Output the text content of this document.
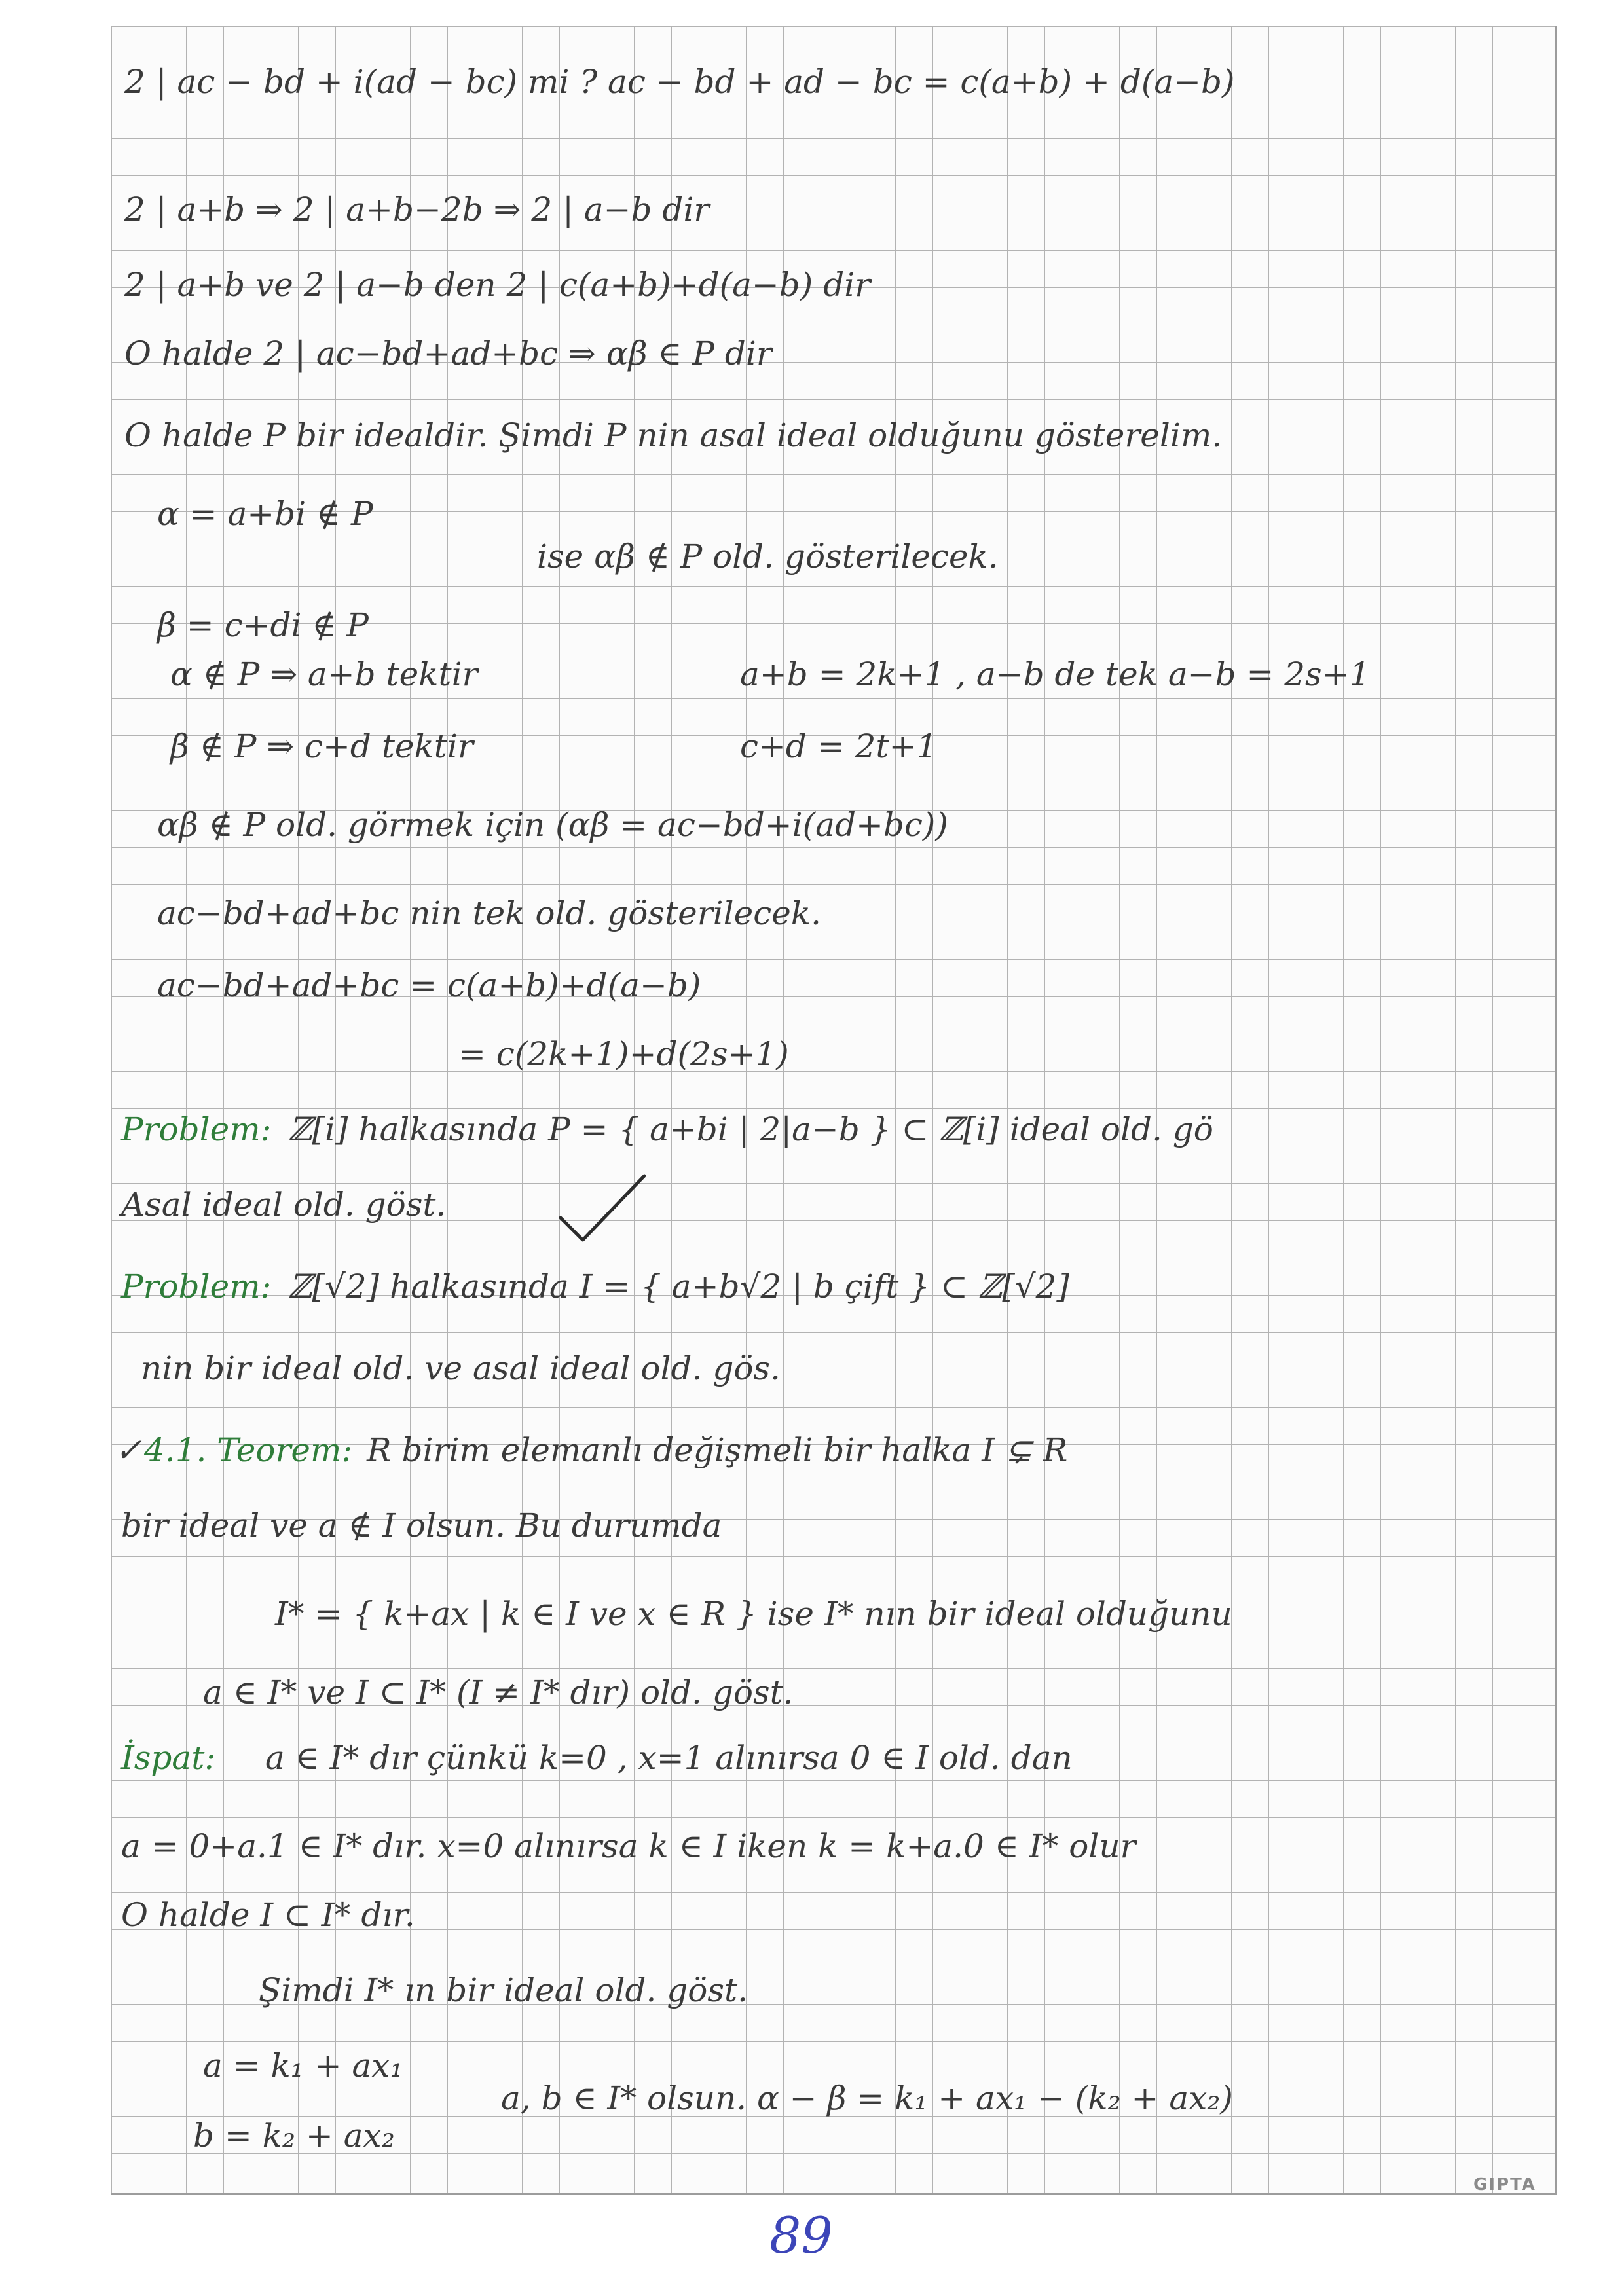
2 | ac − bd + i(ad − bc) mi ? ac − bd + ad − bc = c(a+b) + d(a−b)
2 | a+b ⇒ 2 | a+b−2b ⇒ 2 | a−b dir
2 | a+b ve 2 | a−b den 2 | c(a+b)+d(a−b) dir
O halde 2 | ac−bd+ad+bc ⇒ αβ ∈ P dir
O halde P bir idealdir. Şimdi P nin asal ideal olduğunu gösterelim.
α = a+bi ∉ P
ise αβ ∉ P old. gösterilecek.
β = c+di ∉ P
α ∉ P ⇒ a+b tektir	a+b = 2k+1 , a−b de tek a−b = 2s+1
β ∉ P ⇒ c+d tektir	c+d = 2t+1
αβ ∉ P old. görmek için (αβ = ac−bd+i(ad+bc))
ac−bd+ad+bc nin tek old. gösterilecek.
ac−bd+ad+bc = c(a+b)+d(a−b)
= c(2k+1)+d(2s+1)
Problem: ℤ[i] halkasında P = { a+bi | 2|a−b } ⊂ ℤ[i] ideal old. gö
Asal ideal old. göst.
Problem: ℤ[√2] halkasında I = { a+b√2 | b çift } ⊂ ℤ[√2]
nin bir ideal old. ve asal ideal old. gös.
✓ 4.1. Teorem: R birim elemanlı değişmeli bir halka I ⊊ R
bir ideal ve a ∉ I olsun. Bu durumda
I* = { k+ax | k ∈ I ve x ∈ R } ise I* nın bir ideal olduğunu
a ∈ I* ve I ⊂ I* (I ≠ I* dır) old. göst.
İspat: a ∈ I* dır çünkü k=0 , x=1 alınırsa 0 ∈ I old. dan
a = 0+a.1 ∈ I* dır. x=0 alınırsa k ∈ I iken k = k+a.0 ∈ I* olur
O halde I ⊂ I* dır.
Şimdi I* ın bir ideal old. göst.
a = k₁ + ax₁
a, b ∈ I* olsun. α − β = k₁ + ax₁ − (k₂ + ax₂)
b = k₂ + ax₂
GIPTA
89
